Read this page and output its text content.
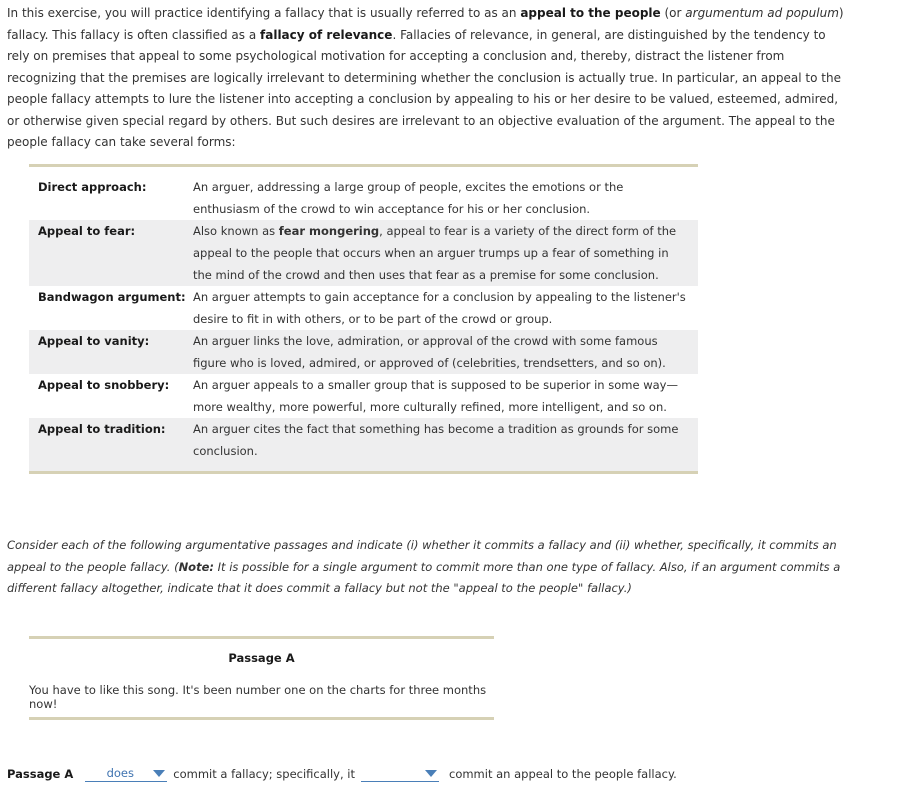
In this exercise, you will practice identifying a fallacy that is usually referred to as an appeal to the people (or argumentum ad populum) fallacy. This fallacy is often classified as a fallacy of relevance. Fallacies of relevance, in general, are distinguished by the tendency to rely on premises that appeal to some psychological motivation for accepting a conclusion and, thereby, distract the listener from recognizing that the premises are logically irrelevant to determining whether the conclusion is actually true. In particular, an appeal to the people fallacy attempts to lure the listener into accepting a conclusion by appealing to his or her desire to be valued, esteemed, admired, or otherwise given special regard by others. But such desires are irrelevant to an objective evaluation of the argument. The appeal to the people fallacy can take several forms:

Direct approach:	An arguer, addressing a large group of people, excites the emotions or the enthusiasm of the crowd to win acceptance for his or her conclusion.
Appeal to fear:	Also known as fear mongering, appeal to fear is a variety of the direct form of the appeal to the people that occurs when an arguer trumps up a fear of something in the mind of the crowd and then uses that fear as a premise for some conclusion.
Bandwagon argument:	An arguer attempts to gain acceptance for a conclusion by appealing to the listener's desire to fit in with others, or to be part of the crowd or group.
Appeal to vanity:	An arguer links the love, admiration, or approval of the crowd with some famous figure who is loved, admired, or approved of (celebrities, trendsetters, and so on).
Appeal to snobbery:	An arguer appeals to a smaller group that is supposed to be superior in some way—more wealthy, more powerful, more culturally refined, more intelligent, and so on.
Appeal to tradition:	An arguer cites the fact that something has become a tradition as grounds for some conclusion.

Consider each of the following argumentative passages and indicate (i) whether it commits a fallacy and (ii) whether, specifically, it commits an appeal to the people fallacy. (Note: It is possible for a single argument to commit more than one type of fallacy. Also, if an argument commits a different fallacy altogether, indicate that it does commit a fallacy but not the "appeal to the people" fallacy.)

Passage A
You have to like this song. It's been number one on the charts for three months now!
Passage A	does	commit a fallacy; specifically, it	commit an appeal to the people fallacy.
